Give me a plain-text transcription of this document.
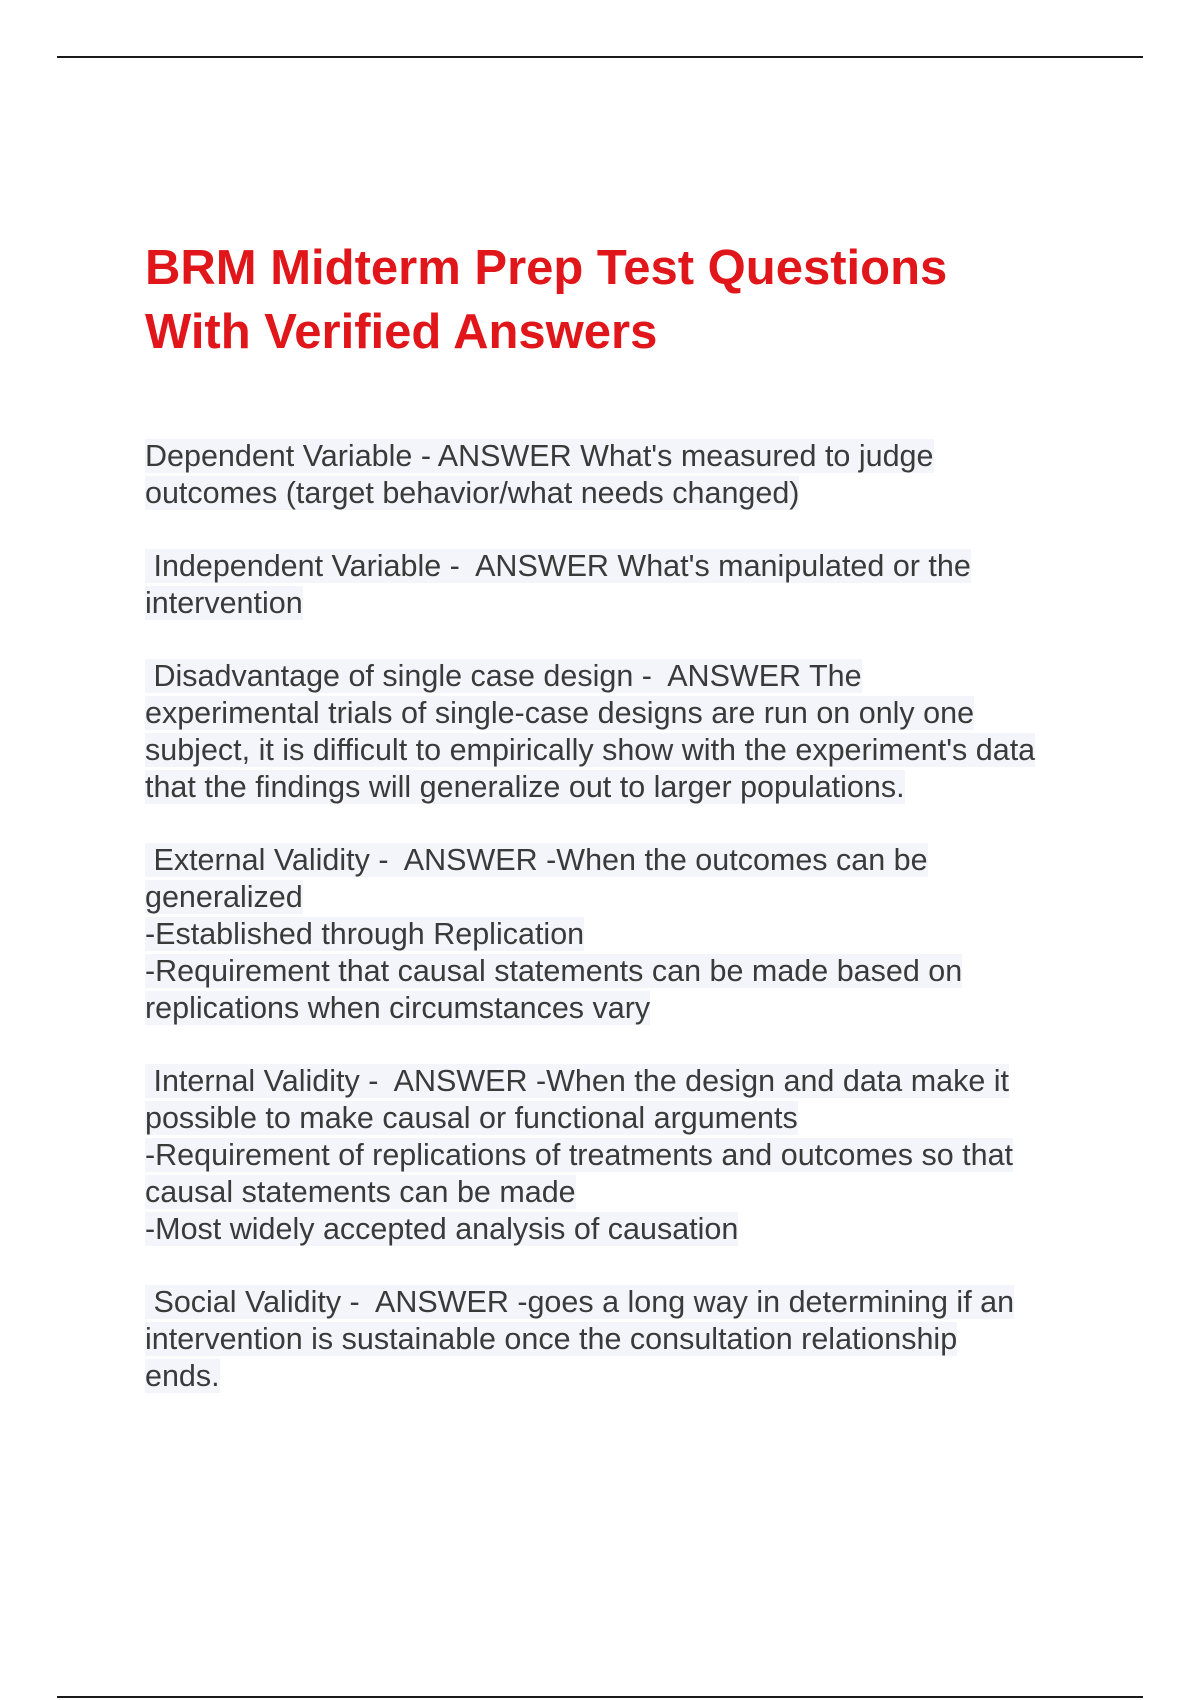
BRM Midterm Prep Test Questions
With Verified Answers
Dependent Variable - ANSWER What's measured to judge
outcomes (target behavior/what needs changed)
Independent Variable -  ANSWER What's manipulated or the
intervention
Disadvantage of single case design -  ANSWER The
experimental trials of single-case designs are run on only one
subject, it is difficult to empirically show with the experiment's data
that the findings will generalize out to larger populations.
External Validity -  ANSWER -When the outcomes can be
generalized
-Established through Replication
-Requirement that causal statements can be made based on
replications when circumstances vary
Internal Validity -  ANSWER -When the design and data make it
possible to make causal or functional arguments
-Requirement of replications of treatments and outcomes so that
causal statements can be made
-Most widely accepted analysis of causation
Social Validity -  ANSWER -goes a long way in determining if an
intervention is sustainable once the consultation relationship
ends.
